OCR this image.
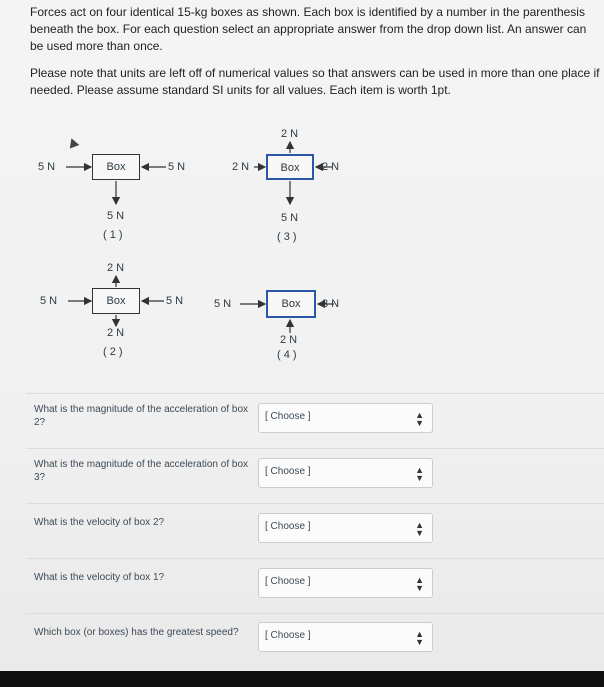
Forces act on four identical 15-kg boxes as shown. Each box is identified by a number in the parenthesis beneath the box. For each question select an appropriate answer from the drop down list. An answer can be used more than once.

Please note that units are left off of numerical values so that answers can be used in more than one place if needed. Please assume standard SI units for all values. Each item is worth 1pt.

5 N	Box	5 N
5 N
( 1 )
2 N
2 N	Box	2 N
5 N
( 3 )
2 N
5 N	Box	5 N
2 N
( 2 )
5 N	Box	3 N
2 N
( 4 )
What is the magnitude of the acceleration of box 2?
[ Choose ]	▲
▼
What is the magnitude of the acceleration of box 3?
[ Choose ]	▲
▼
What is the velocity of box 2?	[ Choose ]	▲
▼
What is the velocity of box 1?	[ Choose ]	▲
▼
Which box (or boxes) has the greatest speed?	[ Choose ]	▲
▼
